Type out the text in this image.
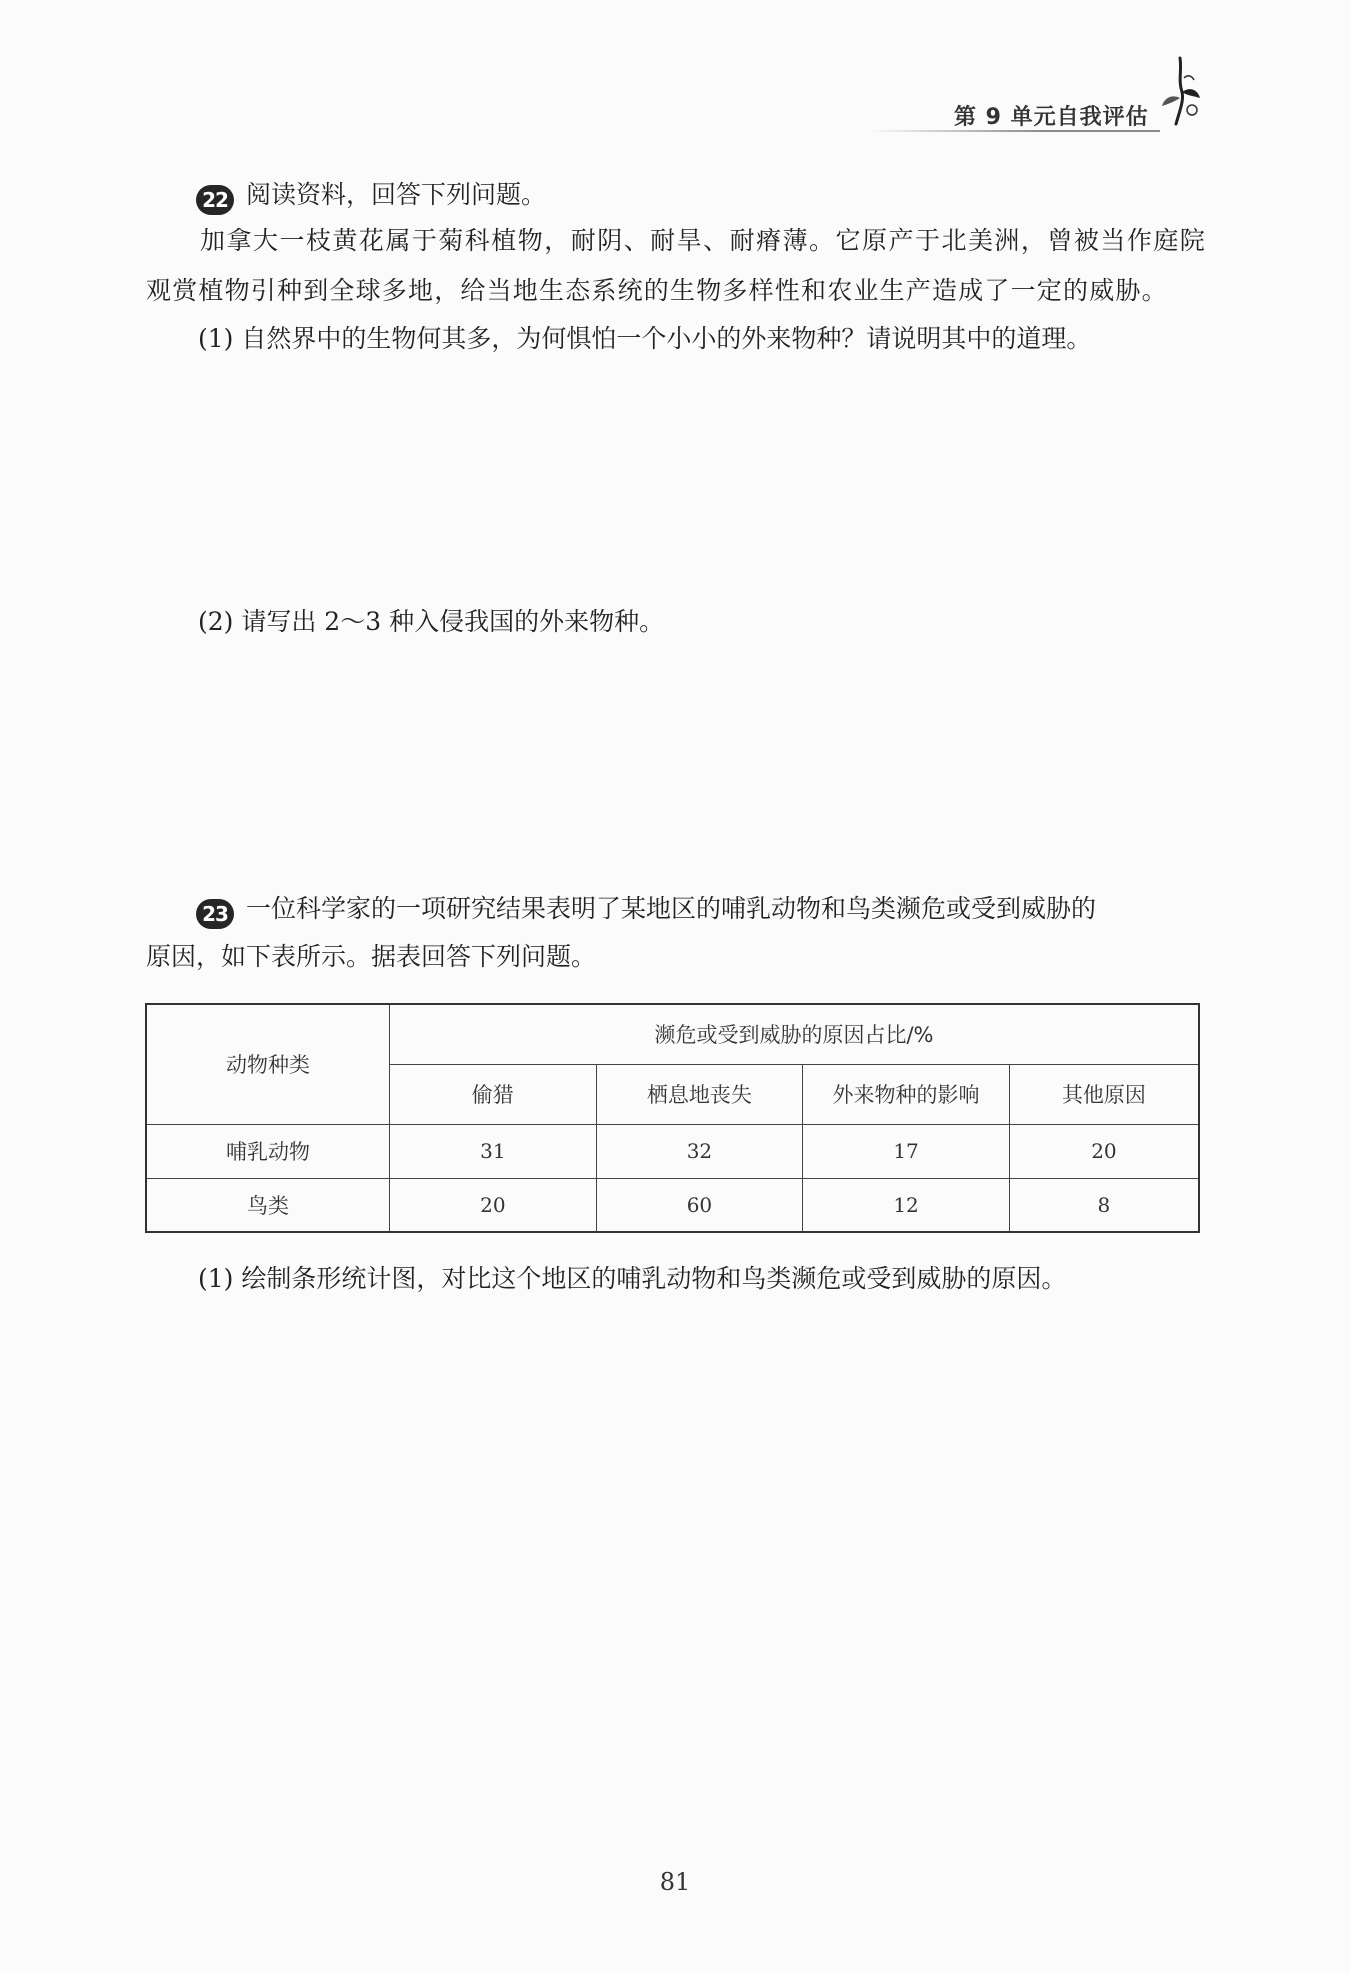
第 9 单元自我评估
22 阅读资料，回答下列问题。
加拿大一枝黄花属于菊科植物，耐阴、耐旱、耐瘠薄。它原产于北美洲，曾被当作庭院观赏植物引种到全球多地，给当地生态系统的生物多样性和农业生产造成了一定的威胁。
(1) 自然界中的生物何其多，为何惧怕一个小小的外来物种？请说明其中的道理。
(2) 请写出 2～3 种入侵我国的外来物种。
23 一位科学家的一项研究结果表明了某地区的哺乳动物和鸟类濒危或受到威胁的
原因，如下表所示。据表回答下列问题。
动物种类	濒危或受到威胁的原因占比/%			
	偷猎	栖息地丧失	外来物种的影响	其他原因
哺乳动物	31	32	17	20
鸟类	20	60	12	8
(1) 绘制条形统计图，对比这个地区的哺乳动物和鸟类濒危或受到威胁的原因。
81
